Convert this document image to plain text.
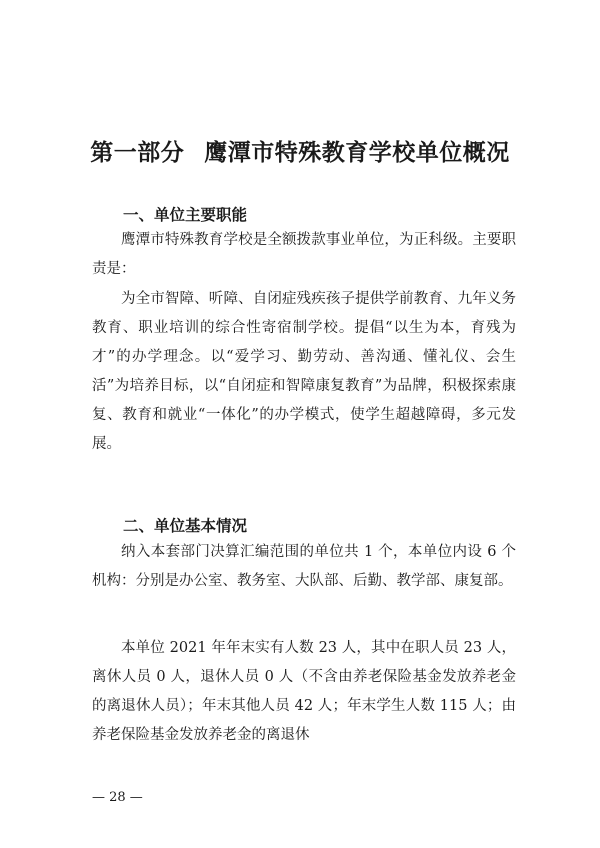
第一部分 鹰潭市特殊教育学校单位概况
一、单位主要职能

鹰潭市特殊教育学校是全额拨款事业单位，为正科级。主要职责是：

为全市智障、听障、自闭症残疾孩子提供学前教育、九年义务教育、职业培训的综合性寄宿制学校。提倡“以生为本，育残为才”的办学理念。以“爱学习、勤劳动、善沟通、懂礼仪、会生活”为培养目标，以“自闭症和智障康复教育”为品牌，积极探索康复、教育和就业“一体化”的办学模式，使学生超越障碍，多元发展。

二、单位基本情况

纳入本套部门决算汇编范围的单位共 1 个，本单位内设 6 个机构：分别是办公室、教务室、大队部、后勤、教学部、康复部。

本单位 2021 年年末实有人数 23 人，其中在职人员 23 人，离休人员 0 人，退休人员 0 人（不含由养老保险基金发放养老金的离退休人员）；年末其他人员 42 人；年末学生人数 115 人；由养老保险基金发放养老金的离退休

— 28 —
